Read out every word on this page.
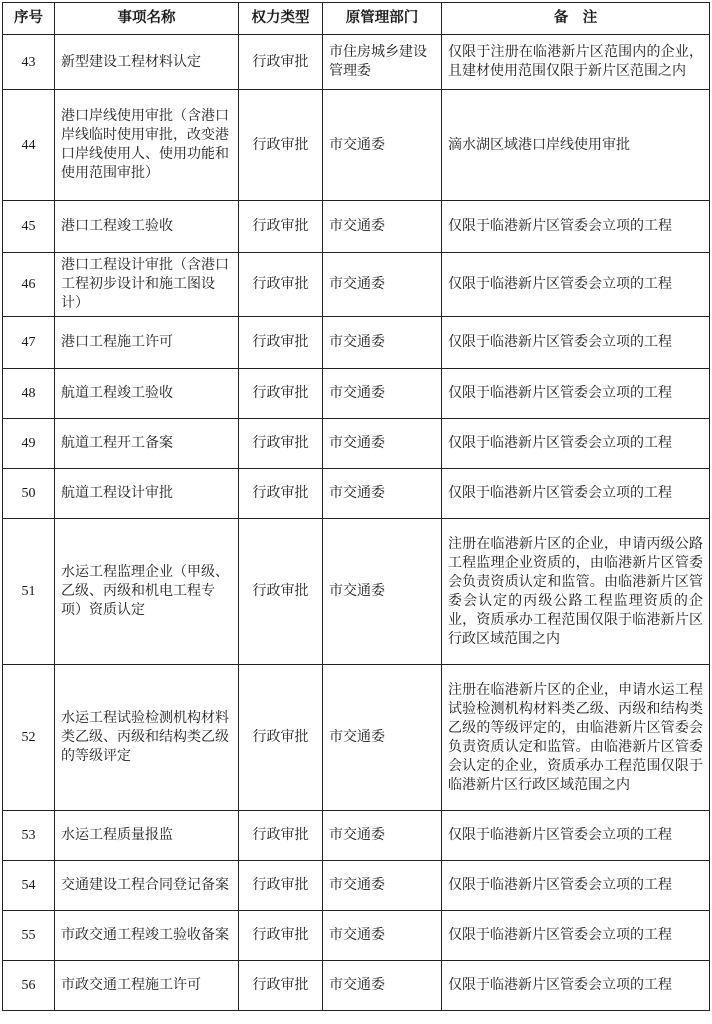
序号	事项名称	权力类型	原管理部门	备　注
43	新型建设工程材料认定	行政审批	市住房城乡建设管理委	仅限于注册在临港新片区范围内的企业，且建材使用范围仅限于新片区范围之内
44	港口岸线使用审批（含港口岸线临时使用审批，改变港口岸线使用人、使用功能和使用范围审批）	行政审批	市交通委	滴水湖区域港口岸线使用审批
45	港口工程竣工验收	行政审批	市交通委	仅限于临港新片区管委会立项的工程
46	港口工程设计审批（含港口工程初步设计和施工图设计）	行政审批	市交通委	仅限于临港新片区管委会立项的工程
47	港口工程施工许可	行政审批	市交通委	仅限于临港新片区管委会立项的工程
48	航道工程竣工验收	行政审批	市交通委	仅限于临港新片区管委会立项的工程
49	航道工程开工备案	行政审批	市交通委	仅限于临港新片区管委会立项的工程
50	航道工程设计审批	行政审批	市交通委	仅限于临港新片区管委会立项的工程
51	水运工程监理企业（甲级、乙级、丙级和机电工程专项）资质认定	行政审批	市交通委	注册在临港新片区的企业，申请丙级公路工程监理企业资质的，由临港新片区管委会负责资质认定和监管。由临港新片区管委会认定的丙级公路工程监理资质的企业，资质承办工程范围仅限于临港新片区行政区域范围之内
52	水运工程试验检测机构材料类乙级、丙级和结构类乙级的等级评定	行政审批	市交通委	注册在临港新片区的企业，申请水运工程试验检测机构材料类乙级、丙级和结构类乙级的等级评定的，由临港新片区管委会负责资质认定和监管。由临港新片区管委会认定的企业，资质承办工程范围仅限于临港新片区行政区域范围之内
53	水运工程质量报监	行政审批	市交通委	仅限于临港新片区管委会立项的工程
54	交通建设工程合同登记备案	行政审批	市交通委	仅限于临港新片区管委会立项的工程
55	市政交通工程竣工验收备案	行政审批	市交通委	仅限于临港新片区管委会立项的工程
56	市政交通工程施工许可	行政审批	市交通委	仅限于临港新片区管委会立项的工程
